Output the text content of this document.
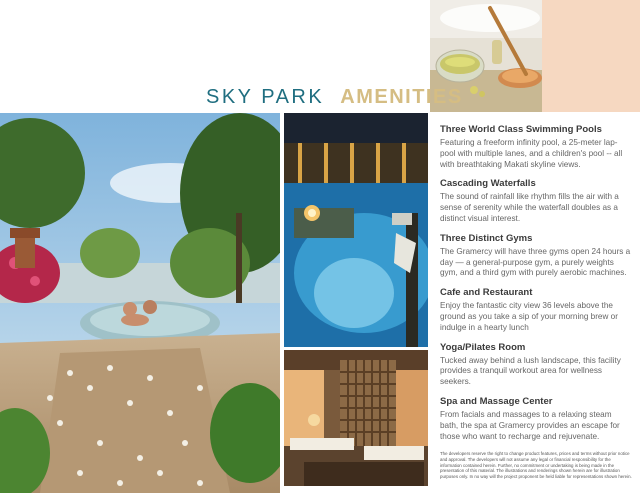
SKY PARK AMENITIES
Three World Class Swimming Pools

Featuring a freeform infinity pool, a 25-meter lap-pool with multiple lanes, and a children's pool -- all with breathtaking Makati skyline views.

Cascading Waterfalls

The sound of rainfall like rhythm fills the air with a sense of serenity while the waterfall doubles as a distinct visual interest.

Three Distinct Gyms

The Gramercy will have three gyms open 24 hours a day — a general-purpose gym, a purely weights gym, and a third gym with purely aerobic machines.

Cafe and Restaurant

Enjoy the fantastic city view 36 levels above the ground as you take a sip of your morning brew or indulge in a hearty lunch

Yoga/Pilates Room

Tucked away behind a lush landscape, this facility provides a tranquil workout area for wellness seekers.

Spa and Massage Center

From facials and massages to a relaxing steam bath, the spa at Gramercy provides an escape for those who want to recharge and rejuvenate.

The developers reserve the right to change product features, prices and terms without prior notice and approval. The developers will not assume any legal or financial responsibility for the information contained herein. Further, no commitment or undertaking is being made in the presentation of this material. The illustrations and renderings shown herein are for illustration purposes only. In no way will the project proponent be held liable for representations shown herein.
